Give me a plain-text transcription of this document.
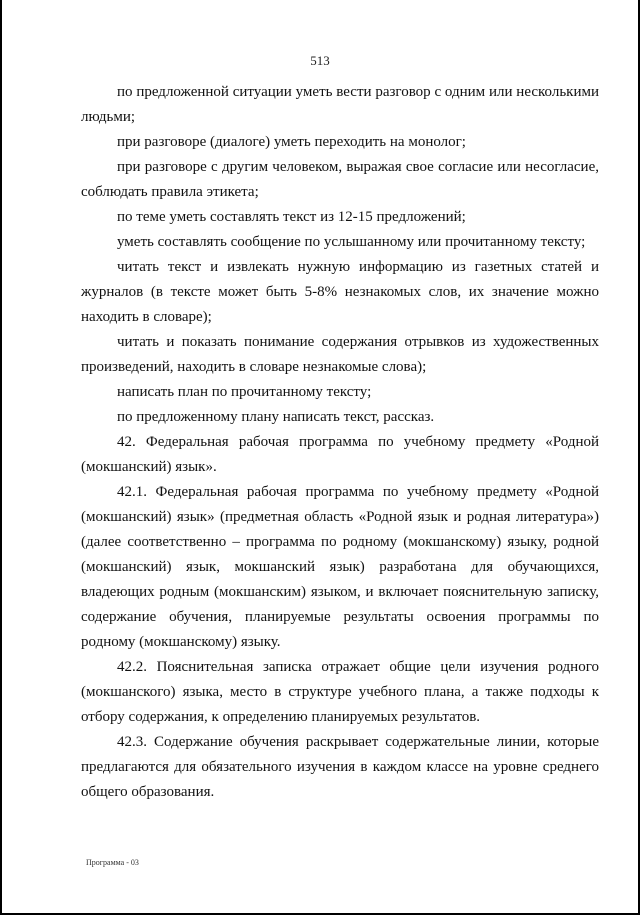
513

по предложенной ситуации уметь вести разговор с одним или несколькими людьми;

при разговоре (диалоге) уметь переходить на монолог;

при разговоре с другим человеком, выражая свое согласие или несогласие, соблюдать правила этикета;

по теме уметь составлять текст из 12-15 предложений;

уметь составлять сообщение по услышанному или прочитанному тексту;

читать текст и извлекать нужную информацию из газетных статей и журналов (в тексте может быть 5-8% незнакомых слов, их значение можно находить в словаре);

читать и показать понимание содержания отрывков из художественных произведений, находить в словаре незнакомые слова);

написать план по прочитанному тексту;

по предложенному плану написать текст, рассказ.

42. Федеральная рабочая программа по учебному предмету «Родной (мокшанский) язык».

42.1. Федеральная рабочая программа по учебному предмету «Родной (мокшанский) язык» (предметная область «Родной язык и родная литература») (далее соответственно – программа по родному (мокшанскому) языку, родной (мокшанский) язык, мокшанский язык) разработана для обучающихся, владеющих родным (мокшанским) языком, и включает пояснительную записку, содержание обучения, планируемые результаты освоения программы по родному (мокшанскому) языку.

42.2. Пояснительная записка отражает общие цели изучения родного (мокшанского) языка, место в структуре учебного плана, а также подходы к отбору содержания, к определению планируемых результатов.

42.3. Содержание обучения раскрывает содержательные линии, которые предлагаются для обязательного изучения в каждом классе на уровне среднего общего образования.

Программа - 03
